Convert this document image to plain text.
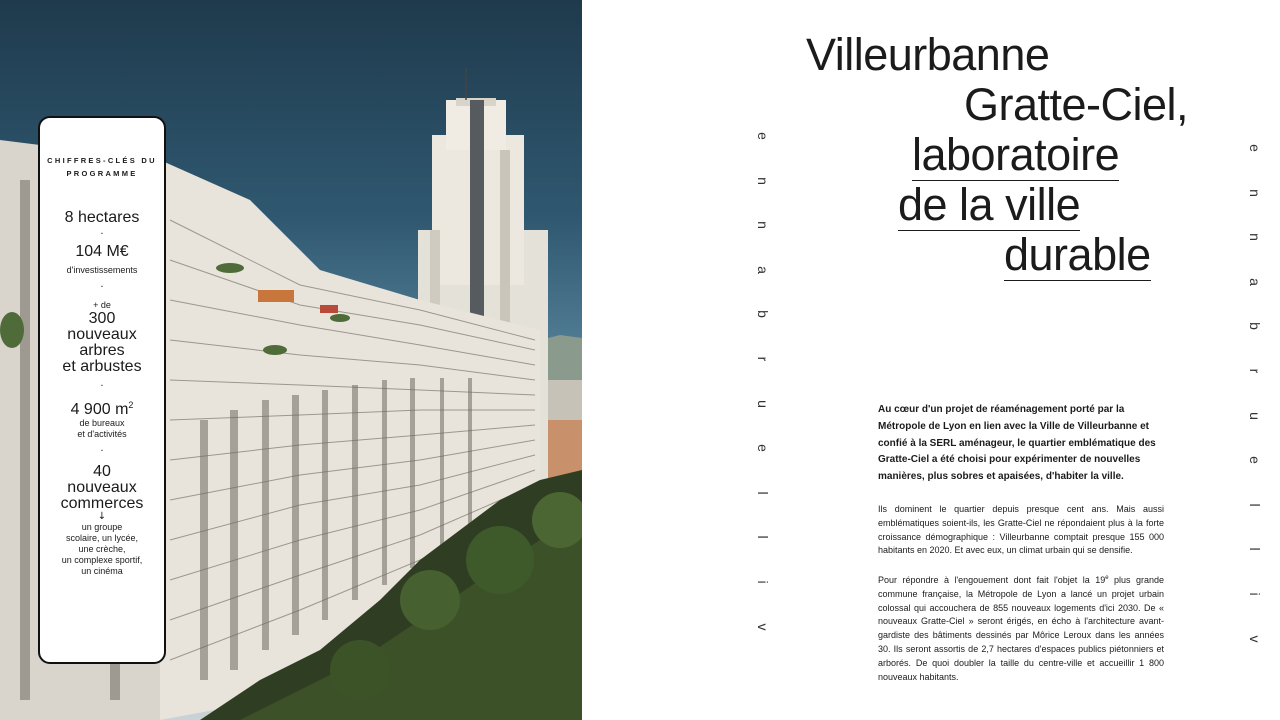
CHIFFRES-CLÉS DU PROGRAMME
8 hectares
·
104 M€
d'investissements
·
+ de
300
nouveaux
arbres
et arbustes
·
4 900 $m^2$
de bureaux
et d'activités
·
40
nouveaux
commerces
↓
un groupe
scolaire, un lycée,
une crèche,
un complexe sportif,
un cinéma
Villeurbanne
Gratte-Ciel,
laboratoire
de la ville
durable
e
n
n
a
b
r
u
e
l
l
i
v
e
n
n
a
b
r
u
e
l
l
i
v
Au cœur d'un projet de réaménagement porté par la Métropole de Lyon en lien avec la Ville de Villeurbanne et confié à la SERL aménageur, le quartier emblématique des Gratte-Ciel a été choisi pour expérimenter de nouvelles manières, plus sobres et apaisées, d'habiter la ville.
Ils dominent le quartier depuis presque cent ans. Mais aussi emblématiques soient-ils, les Gratte-Ciel ne répondaient plus à la forte croissance démographique : Villeurbanne comptait presque 155 000 habitants en 2020. Et avec eux, un climat urbain qui se densifie.
Pour répondre à l'engouement dont fait l'objet la 19e plus grande commune française, la Métropole de Lyon a lancé un projet urbain colossal qui accouchera de 855 nouveaux logements d'ici 2030. De « nouveaux Gratte-Ciel » seront érigés, en écho à l'architecture avant-gardiste des bâtiments dessinés par Môrice Leroux dans les années 30. Ils seront assortis de 2,7 hectares d'espaces publics piétonniers et arborés. De quoi doubler la taille du centre-ville et accueillir 1 800 nouveaux habitants.
